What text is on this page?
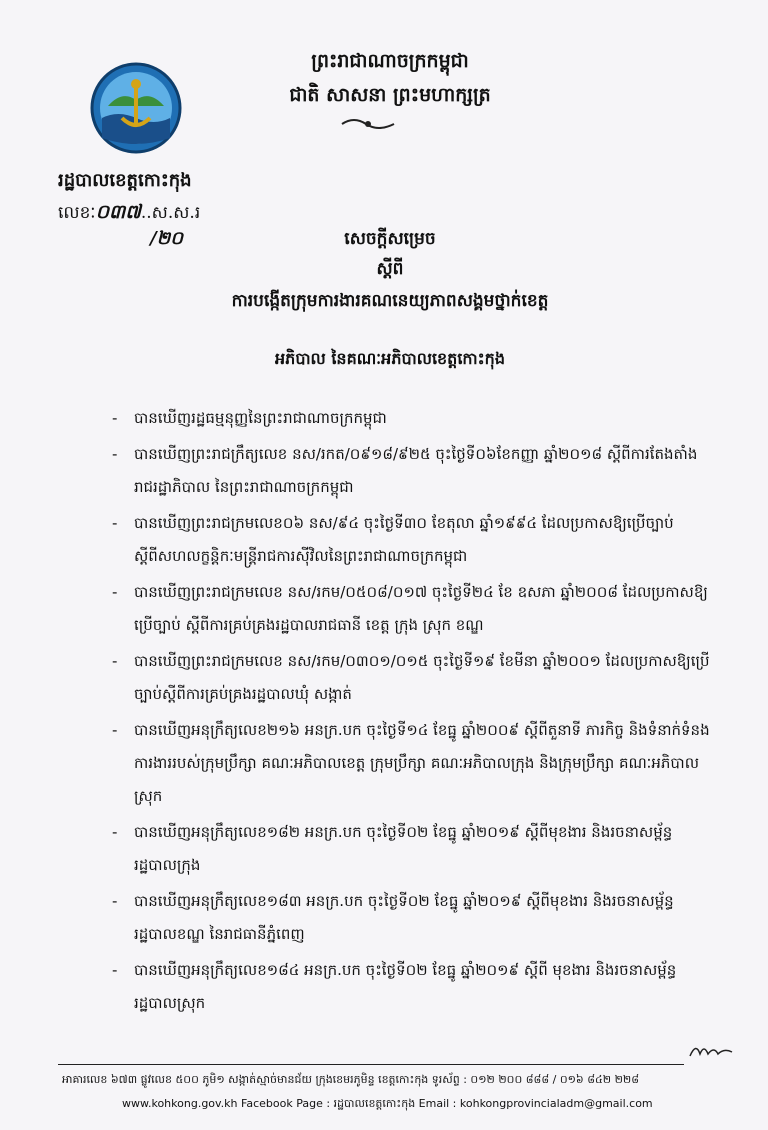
ព្រះរាជាណាចក្រកម្ពុជា
ជាតិ សាសនា ព្រះមហាក្សត្រ
រដ្ឋបាលខេត្តកោះកុង
លេខៈ០៣៧..ស.ស.រ
/២០	សេចក្តីសម្រេច
ស្តីពី
ការបង្កើតក្រុមការងារគណនេយ្យភាពសង្គមថ្នាក់ខេត្ត
អភិបាល នៃគណៈអភិបាលខេត្តកោះកុង
- បានឃើញរដ្ឋធម្មនុញ្ញនៃព្រះរាជាណាចក្រកម្ពុជា
- បានឃើញព្រះរាជក្រឹត្យលេខ នស/រកត/០៩១៨/៩២៥ ចុះថ្ងៃទី០៦ខែកញ្ញា ឆ្នាំ២០១៨ ស្តីពីការតែងតាំងរាជរដ្ឋាភិបាល នៃព្រះរាជាណាចក្រកម្ពុជា
- បានឃើញព្រះរាជក្រមលេខ០៦ នស/៩៤ ចុះថ្ងៃទី៣០ ខែតុលា ឆ្នាំ១៩៩៤ ដែលប្រកាសឱ្យប្រើច្បាប់ស្តីពីសហលក្ខន្តិកៈមន្ត្រីរាជការស៊ីវិលនៃព្រះរាជាណាចក្រកម្ពុជា
- បានឃើញព្រះរាជក្រមលេខ នស/រកម/០៥០៨/០១៧ ចុះថ្ងៃទី២៤ ខែ ឧសភា ឆ្នាំ២០០៨ ដែលប្រកាសឱ្យប្រើច្បាប់ ស្តីពីការគ្រប់គ្រងរដ្ឋបាលរាជធានី ខេត្ត ក្រុង ស្រុក ខណ្ឌ
- បានឃើញព្រះរាជក្រមលេខ នស/រកម/០៣០១/០១៥ ចុះថ្ងៃទី១៩ ខែមីនា ឆ្នាំ២០០១ ដែលប្រកាសឱ្យប្រើច្បាប់ស្តីពីការគ្រប់គ្រងរដ្ឋបាលឃុំ សង្កាត់
- បានឃើញអនុក្រឹត្យលេខ២១៦ អនក្រ.បក ចុះថ្ងៃទី១៤ ខែធ្នូ ឆ្នាំ២០០៩ ស្តីពីតួនាទី ភារកិច្ច និងទំនាក់ទំនងការងាររបស់ក្រុមប្រឹក្សា គណៈអភិបាលខេត្ត ក្រុមប្រឹក្សា គណៈអភិបាលក្រុង និងក្រុមប្រឹក្សា គណៈអភិបាលស្រុក
- បានឃើញអនុក្រឹត្យលេខ១៨២ អនក្រ.បក ចុះថ្ងៃទី០២ ខែធ្នូ ឆ្នាំ២០១៩ ស្តីពីមុខងារ និងរចនាសម្ព័ន្ធរដ្ឋបាលក្រុង
- បានឃើញអនុក្រឹត្យលេខ១៨៣ អនក្រ.បក ចុះថ្ងៃទី០២ ខែធ្នូ ឆ្នាំ២០១៩ ស្តីពីមុខងារ និងរចនាសម្ព័ន្ធរដ្ឋបាលខណ្ឌ នៃរាជធានីភ្នំពេញ
- បានឃើញអនុក្រឹត្យលេខ១៨៤ អនក្រ.បក ចុះថ្ងៃទី០២ ខែធ្នូ ឆ្នាំ២០១៩ ស្តីពី មុខងារ និងរចនាសម្ព័ន្ធរដ្ឋបាលស្រុក
អាគារលេខ ៦៧៣ ផ្លូវលេខ ៥០០ ភូមិ១ សង្កាត់ស្មាច់មានជ័យ ក្រុងខេមរភូមិន្ទ ខេត្តកោះកុង ទូរស័ព្ទ : ០១២ ២០០ ៨៨៨ / ០១៦ ៨៤២ ២២៨
www.kohkong.gov.kh Facebook Page : រដ្ឋបាលខេត្តកោះកុង Email : kohkongprovincialadm@gmail.com
